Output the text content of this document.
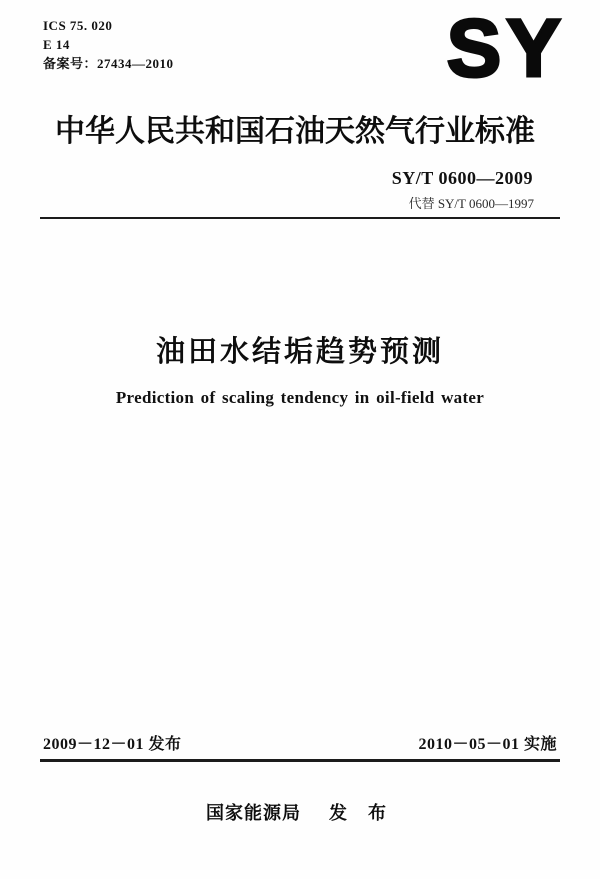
ICS 75. 020
E 14
备案号：27434—2010	SY
中华人民共和国石油天然气行业标准
SY/T 0600—2009
代替 SY/T 0600—1997
油田水结垢趋势预测
Prediction of scaling tendency in oil-field water
2009－12－01 发布	2010－05－01 实施
国家能源局 发 布
